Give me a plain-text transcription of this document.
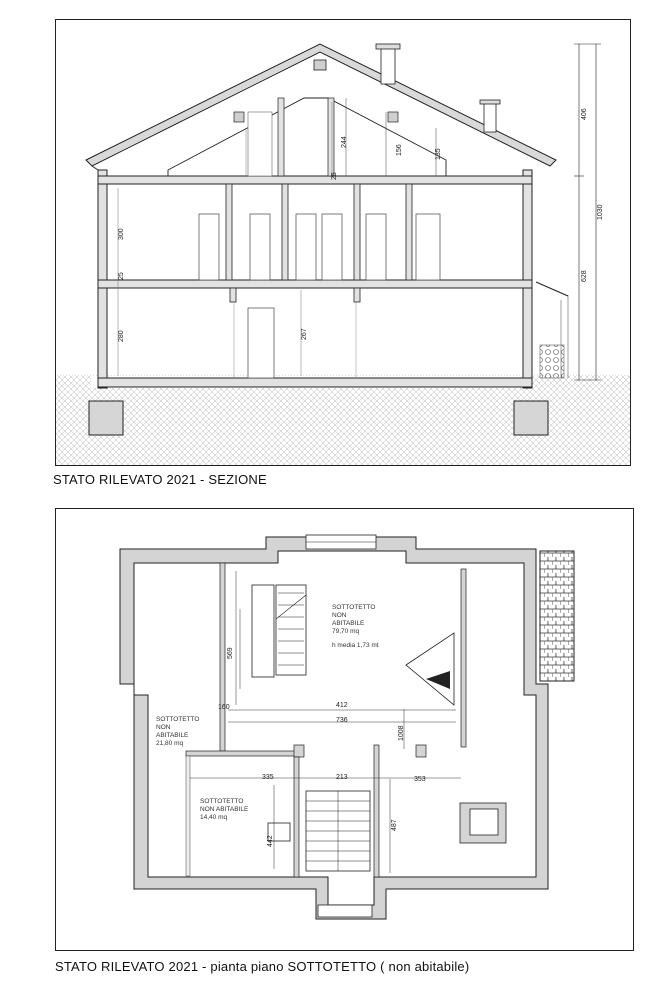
406
1030
628
244
156	135
25
25
300
280	267
STATO RILEVATO 2021 - SEZIONE
569
160	412
736
1008
335	213	353
442
487
SOTTOTETTO
NON
ABITABILE
79,70 mq
h media 1,73 mt
SOTTOTETTO
NON
ABITABILE
21,80 mq
SOTTOTETTO
NON ABITABILE
14,40 mq
STATO RILEVATO 2021 - pianta piano SOTTOTETTO ( non abitabile)
